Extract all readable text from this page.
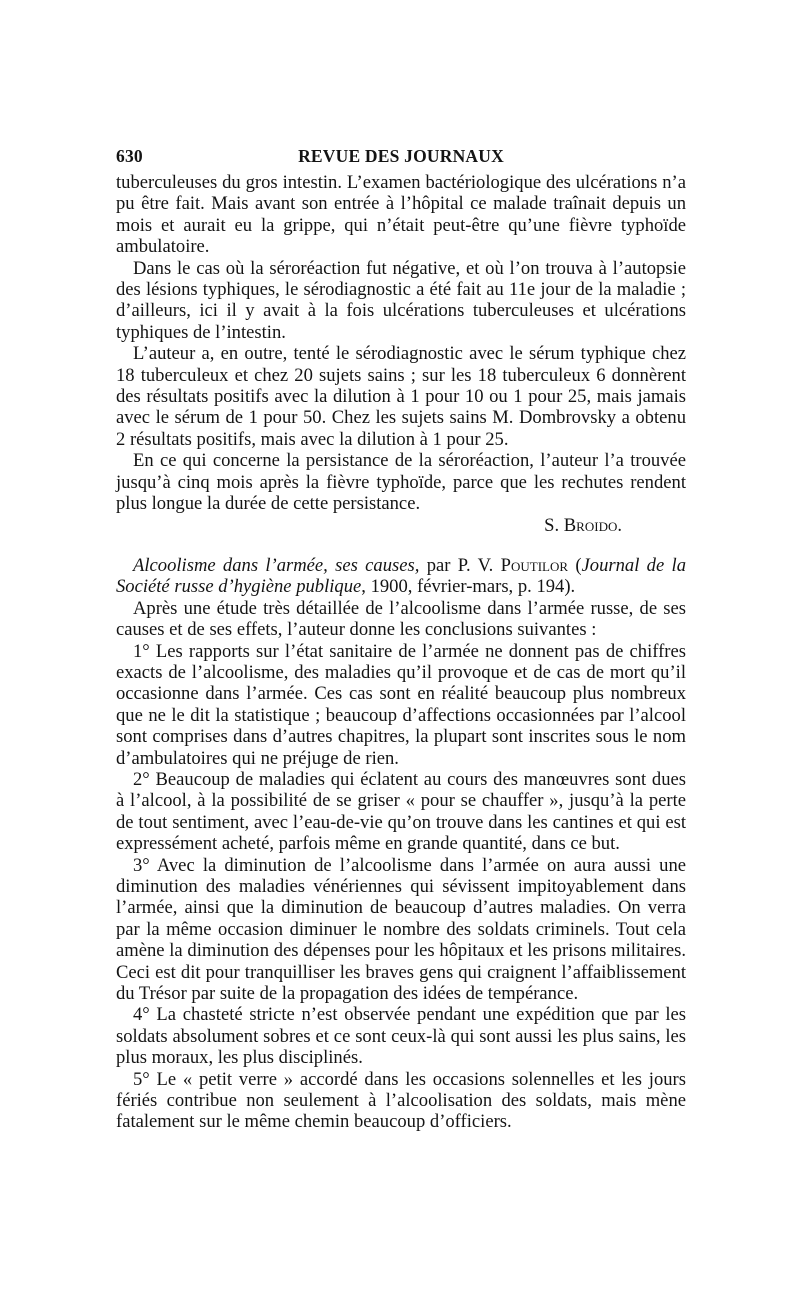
630	REVUE DES JOURNAUX

tuberculeuses du gros intestin. L’examen bactériologique des ulcérations n’a pu être fait. Mais avant son entrée à l’hôpital ce malade traînait depuis un mois et aurait eu la grippe, qui n’était peut-être qu’une fièvre typhoïde ambulatoire.

Dans le cas où la séroréaction fut négative, et où l’on trouva à l’autopsie des lésions typhiques, le sérodiagnostic a été fait au 11e jour de la maladie ; d’ailleurs, ici il y avait à la fois ulcérations tuberculeuses et ulcérations typhiques de l’intestin.

L’auteur a, en outre, tenté le sérodiagnostic avec le sérum typhique chez 18 tuberculeux et chez 20 sujets sains ; sur les 18 tuberculeux 6 donnèrent des résultats positifs avec la dilution à 1 pour 10 ou 1 pour 25, mais jamais avec le sérum de 1 pour 50. Chez les sujets sains M. Dombrovsky a obtenu 2 résultats positifs, mais avec la dilution à 1 pour 25.

En ce qui concerne la persistance de la séroréaction, l’auteur l’a trouvée jusqu’à cinq mois après la fièvre typhoïde, parce que les rechutes rendent plus longue la durée de cette persistance.

S. Broido.

Alcoolisme dans l’armée, ses causes, par P. V. Poutilor (Journal de la Société russe d’hygiène publique, 1900, février-mars, p. 194).

Après une étude très détaillée de l’alcoolisme dans l’armée russe, de ses causes et de ses effets, l’auteur donne les conclusions suivantes :

1° Les rapports sur l’état sanitaire de l’armée ne donnent pas de chiffres exacts de l’alcoolisme, des maladies qu’il provoque et de cas de mort qu’il occasionne dans l’armée. Ces cas sont en réalité beaucoup plus nombreux que ne le dit la statistique ; beaucoup d’affections occasionnées par l’alcool sont comprises dans d’autres chapitres, la plupart sont inscrites sous le nom d’ambulatoires qui ne préjuge de rien.

2° Beaucoup de maladies qui éclatent au cours des manœuvres sont dues à l’alcool, à la possibilité de se griser « pour se chauffer », jusqu’à la perte de tout sentiment, avec l’eau-de-vie qu’on trouve dans les cantines et qui est expressément acheté, parfois même en grande quantité, dans ce but.

3° Avec la diminution de l’alcoolisme dans l’armée on aura aussi une diminution des maladies vénériennes qui sévissent impitoyablement dans l’armée, ainsi que la diminution de beaucoup d’autres maladies. On verra par la même occasion diminuer le nombre des soldats criminels. Tout cela amène la diminution des dépenses pour les hôpitaux et les prisons militaires. Ceci est dit pour tranquilliser les braves gens qui craignent l’affaiblissement du Trésor par suite de la propagation des idées de tempérance.

4° La chasteté stricte n’est observée pendant une expédition que par les soldats absolument sobres et ce sont ceux-là qui sont aussi les plus sains, les plus moraux, les plus disciplinés.

5° Le « petit verre » accordé dans les occasions solennelles et les jours fériés contribue non seulement à l’alcoolisation des soldats, mais mène fatalement sur le même chemin beaucoup d’officiers.
